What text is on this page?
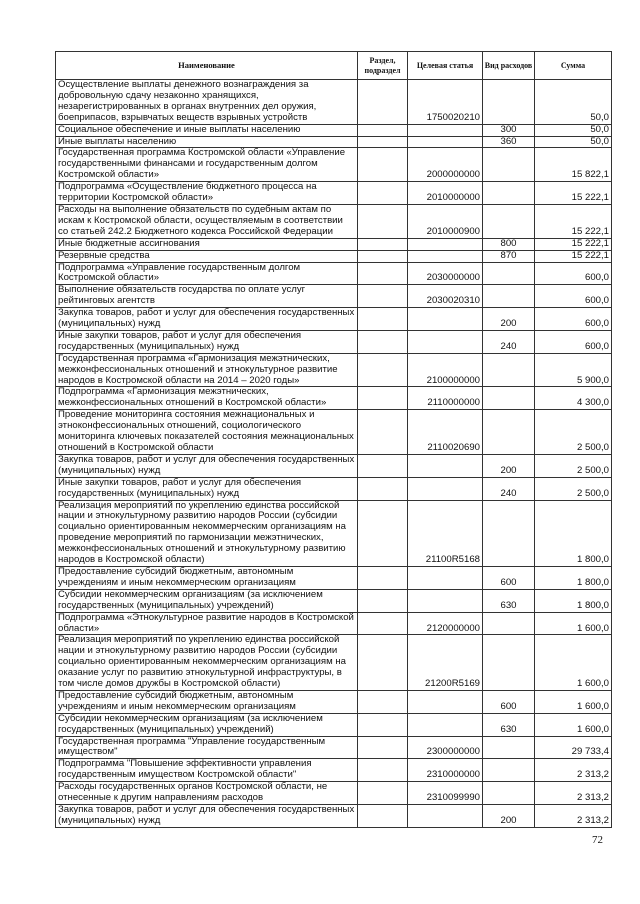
Наименование	Раздел, подраздел	Целевая статья	Вид расходов	Сумма
Осуществление выплаты денежного вознаграждения за добровольную сдачу незаконно хранящихся, незарегистрированных в органах внутренних дел оружия, боеприпасов, взрывчатых веществ взрывных устройств		1750020210		50,0
Социальное обеспечение и иные выплаты населению			300	50,0
Иные выплаты населению			360	50,0
Государственная программа Костромской области «Управление государственными финансами и государственным долгом Костромской области»		2000000000		15 822,1
Подпрограмма «Осуществление бюджетного процесса на территории Костромской области»		2010000000		15 222,1
Расходы на выполнение обязательств по судебным актам по искам к Костромской области, осуществляемым в соответствии со статьей 242.2 Бюджетного кодекса Российской Федерации		2010000900		15 222,1
Иные бюджетные ассигнования			800	15 222,1
Резервные средства			870	15 222,1
Подпрограмма «Управление государственным долгом Костромской области»		2030000000		600,0
Выполнение обязательств государства по оплате услуг рейтинговых агентств		2030020310		600,0
Закупка товаров, работ и услуг для обеспечения государственных (муниципальных) нужд			200	600,0
Иные закупки товаров, работ и услуг для обеспечения государственных (муниципальных) нужд			240	600,0
Государственная программа «Гармонизация межэтнических, межконфессиональных отношений и этнокультурное развитие народов в Костромской области на 2014 – 2020 годы»		2100000000		5 900,0
Подпрограмма «Гармонизация межэтнических, межконфессиональных отношений в Костромской области»		2110000000		4 300,0
Проведение мониторинга состояния межнациональных и этноконфессиональных отношений, социологического мониторинга ключевых показателей состояния межнациональных отношений в Костромской области		2110020690		2 500,0
Закупка товаров, работ и услуг для обеспечения государственных (муниципальных) нужд			200	2 500,0
Иные закупки товаров, работ и услуг для обеспечения государственных (муниципальных) нужд			240	2 500,0
Реализация мероприятий по укреплению единства российской нации и этнокультурному развитию народов России (субсидии социально ориентированным некоммерческим организациям на проведение мероприятий по гармонизации межэтнических, межконфессиональных отношений и этнокультурному развитию народов в Костромской области)		21100R5168		1 800,0
Предоставление субсидий бюджетным, автономным учреждениям и иным некоммерческим организациям			600	1 800,0
Субсидии некоммерческим организациям (за исключением государственных (муниципальных) учреждений)			630	1 800,0
Подпрограмма «Этнокультурное развитие народов в Костромской области»		2120000000		1 600,0
Реализация мероприятий по укреплению единства российской нации и этнокультурному развитию народов России (субсидии социально ориентированным некоммерческим организациям на оказание услуг по развитию этнокультурной инфраструктуры, в том числе домов дружбы в Костромской области)		21200R5169		1 600,0
Предоставление субсидий бюджетным, автономным учреждениям и иным некоммерческим организациям			600	1 600,0
Субсидии некоммерческим организациям (за исключением государственных (муниципальных) учреждений)			630	1 600,0
Государственная программа "Управление государственным имуществом"		2300000000		29 733,4
Подпрограмма "Повышение эффективности управления государственным имуществом Костромской области"		2310000000		2 313,2
Расходы государственных органов Костромской области, не отнесенные к другим направлениям расходов		2310099990		2 313,2
Закупка товаров, работ и услуг для обеспечения государственных (муниципальных) нужд			200	2 313,2
72
